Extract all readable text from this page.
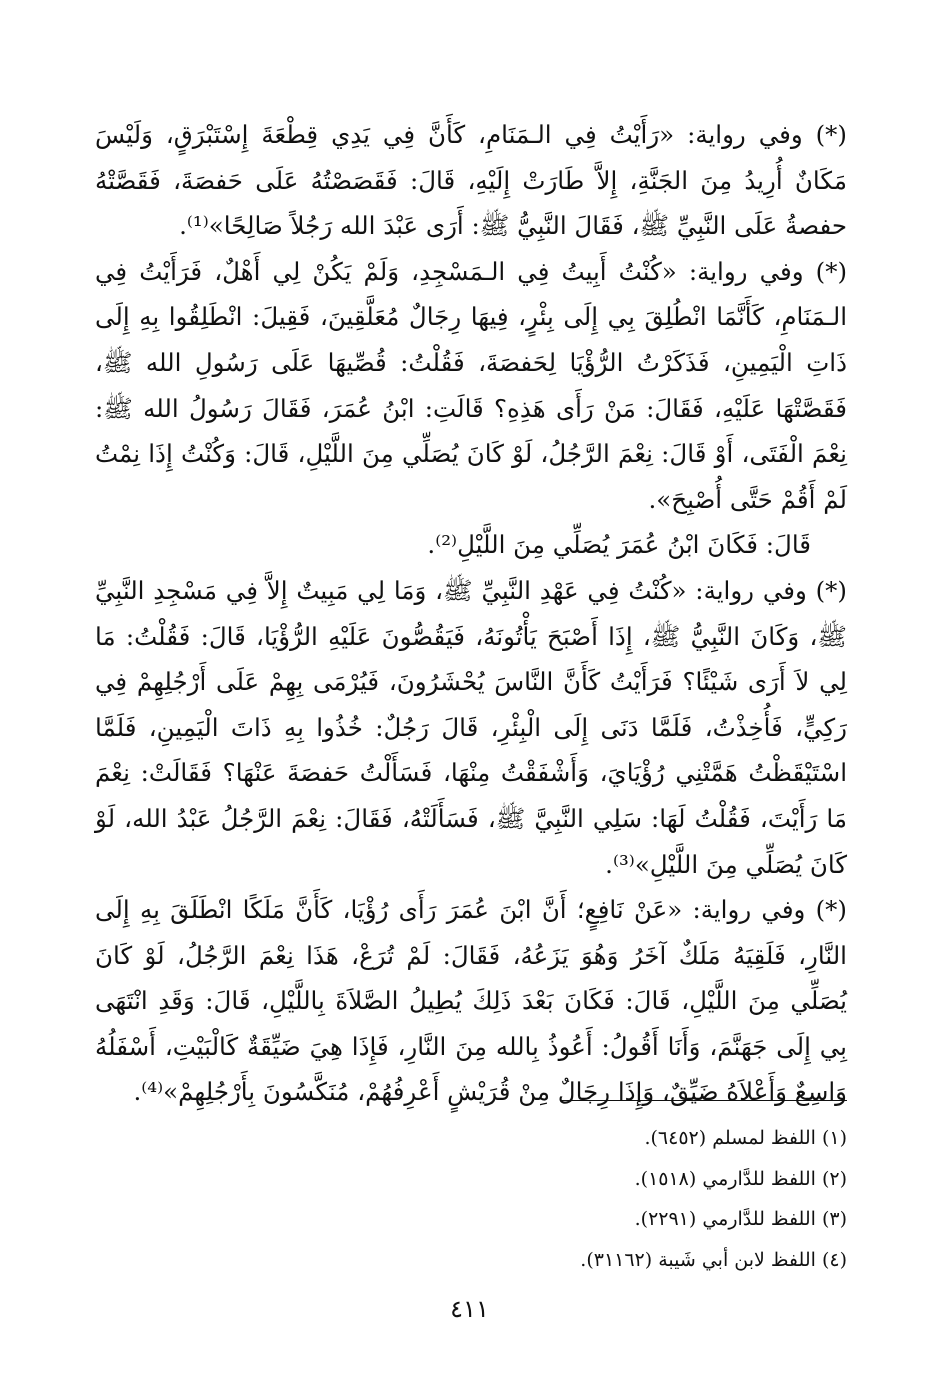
(*) وفي رواية: «رَأَيْتُ فِي الـمَنَامِ، كَأَنَّ فِي يَدِي قِطْعَةَ إِسْتَبْرَقٍ، وَلَيْسَ مَكَانٌ أُرِيدُ مِنَ الجَنَّةِ، إِلاَّ طَارَتْ إِلَيْهِ، قَالَ: فَقَصَصْتُهُ عَلَى حَفصَةَ، فَقَصَّتْهُ حفصةُ عَلَى النَّبِيِّ ﷺ، فَقَالَ النَّبِيُّ ﷺ: أَرَى عَبْدَ الله رَجُلاً صَالِحًا»⁽¹⁾.

(*) وفي رواية: «كُنْتُ أَبِيتُ فِي الـمَسْجِدِ، وَلَمْ يَكُنْ لِي أَهْلٌ، فَرَأَيْتُ فِي الـمَنَامِ، كَأَنَّمَا انْطُلِقَ بِي إِلَى بِئْرٍ، فِيهَا رِجَالٌ مُعَلَّقِينَ، فَقِيلَ: انْطَلِقُوا بِهِ إِلَى ذَاتِ الْيَمِينِ، فَذَكَرْتُ الرُّؤْيَا لِحَفصَةَ، فَقُلْتُ: قُصِّيهَا عَلَى رَسُولِ الله ﷺ، فَقَصَّتْهَا عَلَيْهِ، فَقَالَ: مَنْ رَأَى هَذِهِ؟ قَالَتِ: ابْنُ عُمَرَ، فَقَالَ رَسُولُ الله ﷺ: نِعْمَ الْفَتَى، أَوْ قَالَ: نِعْمَ الرَّجُلُ، لَوْ كَانَ يُصَلِّي مِنَ اللَّيْلِ، قَالَ: وَكُنْتُ إِذَا نِمْتُ لَمْ أَقُمْ حَتَّى أُصْبِحَ».

قَالَ: فَكَانَ ابْنُ عُمَرَ يُصَلِّي مِنَ اللَّيْلِ⁽²⁾.

(*) وفي رواية: «كُنْتُ فِي عَهْدِ النَّبِيِّ ﷺ، وَمَا لِي مَبِيتٌ إِلاَّ فِي مَسْجِدِ النَّبِيِّ ﷺ، وَكَانَ النَّبِيُّ ﷺ، إِذَا أَصْبَحَ يَأْتُونَهُ، فَيَقُصُّونَ عَلَيْهِ الرُّؤْيَا، قَالَ: فَقُلْتُ: مَا لِي لاَ أَرَى شَيْئًا؟ فَرَأَيْتُ كَأَنَّ النَّاسَ يُحْشَرُونَ، فَيُرْمَى بِهِمْ عَلَى أَرْجُلِهِمْ فِي رَكِيٍّ، فَأُخِذْتُ، فَلَمَّا دَنَى إِلَى الْبِئْرِ، قَالَ رَجُلٌ: خُذُوا بِهِ ذَاتَ الْيَمِينِ، فَلَمَّا اسْتَيْقَظْتُ هَمَّتْنِي رُؤْيَايَ، وَأَشْفَقْتُ مِنْهَا، فَسَأَلْتُ حَفصَةَ عَنْهَا؟ فَقَالَتْ: نِعْمَ مَا رَأَيْتَ، فَقُلْتُ لَهَا: سَلِي النَّبِيَّ ﷺ، فَسَأَلَتْهُ، فَقَالَ: نِعْمَ الرَّجُلُ عَبْدُ الله، لَوْ كَانَ يُصَلِّي مِنَ اللَّيْلِ»⁽³⁾.

(*) وفي رواية: «عَنْ نَافِعٍ؛ أَنَّ ابْنَ عُمَرَ رَأَى رُؤْيَا، كَأَنَّ مَلَكًا انْطَلَقَ بِهِ إِلَى النَّارِ، فَلَقِيَهُ مَلَكٌ آخَرُ وَهُوَ يَزَعُهُ، فَقَالَ: لَمْ تُرَعْ، هَذَا نِعْمَ الرَّجُلُ، لَوْ كَانَ يُصَلِّي مِنَ اللَّيْلِ، قَالَ: فَكَانَ بَعْدَ ذَلِكَ يُطِيلُ الصَّلاَةَ بِاللَّيْلِ، قَالَ: وَقَدِ انْتَهَى بِي إِلَى جَهَنَّمَ، وَأَنَا أَقُولُ: أَعُوذُ بِالله مِنَ النَّارِ، فَإِذَا هِيَ ضَيِّقَةٌ كَالْبَيْتِ، أَسْفَلُهُ وَاسِعٌ وَأَعْلاَهُ ضَيِّقٌ، وَإِذَا رِجَالٌ مِنْ قُرَيْشٍ أَعْرِفُهُمْ، مُنَكَّسُونَ بِأَرْجُلِهِمْ»⁽⁴⁾.

(١) اللفظ لمسلم (٦٤٥٢).
(٢) اللفظ للدَّارمي (١٥١٨).
(٣) اللفظ للدَّارمي (٢٢٩١).
(٤) اللفظ لابن أبي شَيبة (٣١١٦٢).
٤١١
